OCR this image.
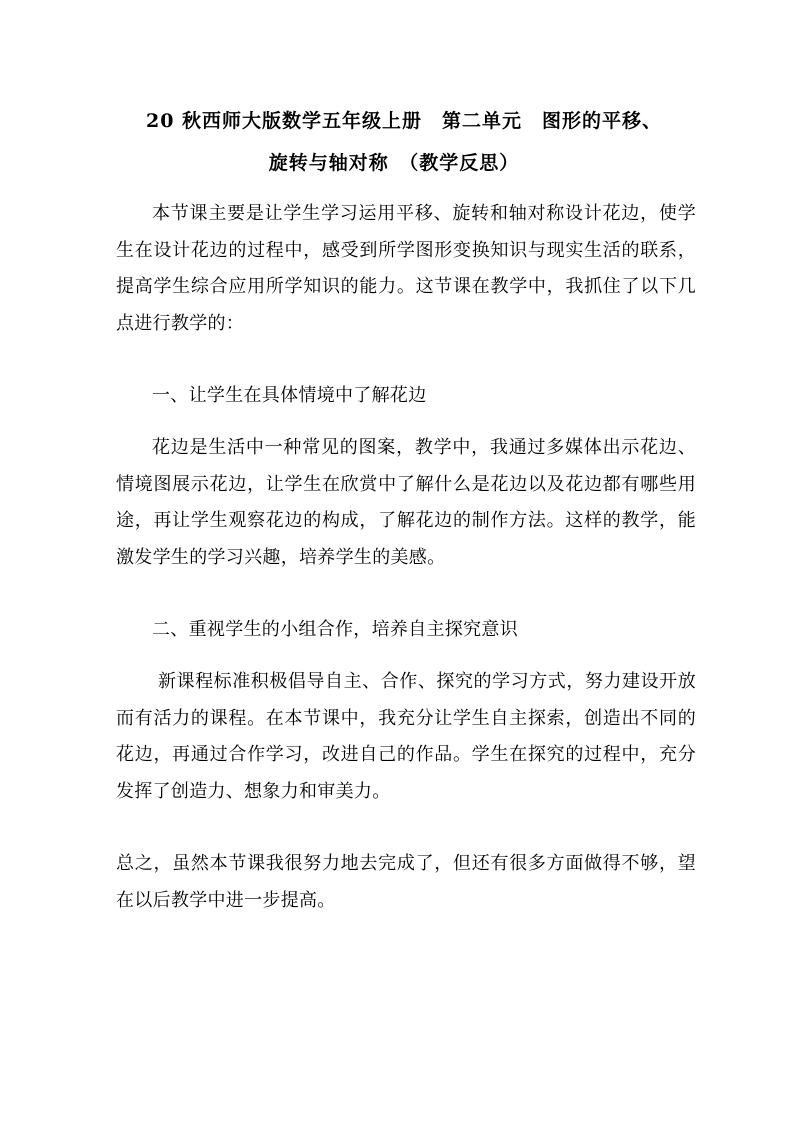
20 秋西师大版数学五年级上册　第二单元　图形的平移、
旋转与轴对称　（教学反思）

本节课主要是让学生学习运用平移、旋转和轴对称设计花边，使学生在设计花边的过程中，感受到所学图形变换知识与现实生活的联系，提高学生综合应用所学知识的能力。这节课在教学中，我抓住了以下几点进行教学的：

一、让学生在具体情境中了解花边

花边是生活中一种常见的图案，教学中，我通过多媒体出示花边、情境图展示花边，让学生在欣赏中了解什么是花边以及花边都有哪些用途，再让学生观察花边的构成，了解花边的制作方法。这样的教学，能激发学生的学习兴趣，培养学生的美感。

二、重视学生的小组合作，培养自主探究意识

新课程标准积极倡导自主、合作、探究的学习方式，努力建设开放而有活力的课程。在本节课中，我充分让学生自主探索，创造出不同的花边，再通过合作学习，改进自己的作品。学生在探究的过程中，充分发挥了创造力、想象力和审美力。

总之，虽然本节课我很努力地去完成了，但还有很多方面做得不够，望在以后教学中进一步提高。
